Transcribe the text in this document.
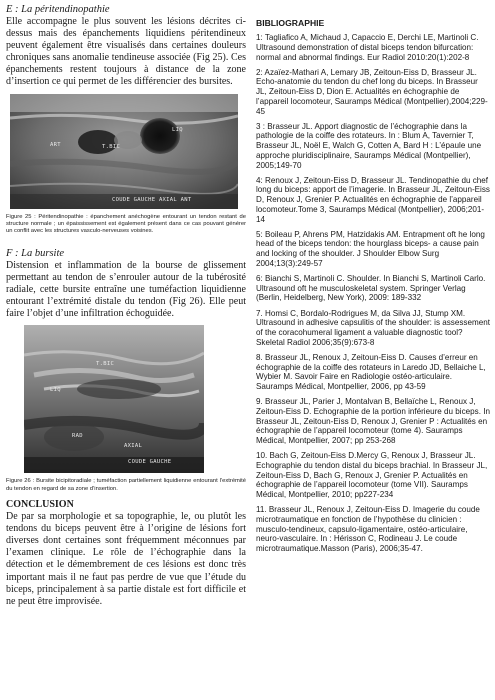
E : La péritendinopathie

Elle accompagne le plus souvent les lésions décrites ci-dessus mais des épanchements liquidiens péritendineux peuvent également être visualisés dans certaines douleurs chroniques sans anomalie tendineuse associée (Fig 25). Ces épanchements restent toujours à distance de la zone d’insertion ce qui permet de les différencier des bursites.

ART	T.BIC
LIQ
COUDE GAUCHE AXIAL ANT

Figure 25 : Péritendinopathie : épanchement anéchogène entourant un tendon restant de structure normale ; un épaississement est également présent dans ce cas pouvant générer un conflit avec les structures vasculo-nerveuses voisines.

F : La bursite

Distension et inflammation de la bourse de glissement permettant au tendon de s’enrouler autour de la tubérosité radiale, cette bursite entraîne une tuméfaction liquidienne entourant l’extrémité distale du tendon (Fig 26). Elle peut faire l’objet d’une infiltration échoguidée.

T.BIC
LIQ
RAD
AXIAL
COUDE GAUCHE

Figure 26 : Bursite bicipitoradiale ; tuméfaction partiellement liquidienne entourant l’extrémité du tendon en regard de sa zone d’insertion.

CONCLUSION

De par sa morphologie et sa topographie, le, ou plutôt les tendons du biceps peuvent être à l’origine de lésions fort diverses dont certaines sont fréquemment méconnues par l’examen clinique. Le rôle de l’échographie dans la détection et le démembrement de ces lésions est donc très important mais il ne faut pas perdre de vue que l’étude du biceps, principalement à sa partie distale est fort difficile et ne peut être improvisée.

BIBLIOGRAPHIE

1: Tagliafico A, Michaud J, Capaccio E, Derchi LE, Martinoli C. Ultrasound demonstration of distal biceps tendon bifurcation: normal and abnormal findings. Eur Radiol 2010:20(1):202-8

2: Azaïez-Mathari A, Lemary JB, Zeitoun-Eiss D, Brasseur JL. Echo-anatomie du tendon du chef long du biceps. In Brasseur JL, Zeitoun-Eiss D, Dion E. Actualités en échographie de l’appareil locomoteur, Sauramps Médical (Montpellier),2004;229-45

3 : Brasseur JL. Apport diagnostic de l’échographie dans la pathologie de la coiffe des rotateurs. In : Blum A, Tavernier T, Brasseur JL, Noël E, Walch G, Cotten A, Bard H : L’épaule une approche pluridisciplinaire, Sauramps Médical (Montpellier), 2005;149-70

4: Renoux J, Zeitoun-Eiss D, Brasseur JL. Tendinopathie du chef long du biceps: apport de l’imagerie. In Brasseur JL, Zeitoun-Eiss D, Renoux J, Grenier P. Actualités en échographie de l’appareil locomoteur.Tome 3, Sauramps Médical (Montpellier), 2006;201-14

5: Boileau P, Ahrens PM, Hatzidakis AM. Entrapment oft he long head of the biceps tendon: the hourglass biceps- a cause pain and locking of the shoulder. J Shoulder Elbow Surg 2004;13(3):249-57

6: Bianchi S, Martinoli C. Shoulder. In Bianchi S, Martinoli Carlo. Ultrasound oft he musculoskeletal system. Springer Verlag (Berlin, Heidelberg, New York), 2009: 189-332

7. Homsi C, Bordalo-Rodrigues M, da Silva JJ, Stump XM. Ultrasound in adhesive capsulitis of the shoulder: is assessement of the coracohumeral ligament a valuable diagnostic tool? Skeletal Radiol 2006;35(9):673-8

8. Brasseur JL, Renoux J, Zeitoun-Eiss D. Causes d’erreur en échographie de la coiffe des rotateurs in Laredo JD, Bellaiche L, Wybier M. Savoir Faire en Radiologie ostéo-articulaire. Sauramps Médical, Montpellier, 2006, pp 43-59

9. Brasseur JL, Parier J, Montalvan B, Bellaïche L, Renoux J, Zeitoun-Eiss D. Echographie de la portion inférieure du biceps. In Brasseur JL, Zeitoun-Eiss D, Renoux J, Grenier P : Actualités en échographie de l’appareil locomoteur (tome 4). Sauramps Médical, Montpellier, 2007; pp 253-268

10. Bach G, Zeitoun-Eiss D.Mercy G, Renoux J, Brasseur JL. Echographie du tendon distal du biceps brachial. In Brasseur JL, Zeitoun-Eiss D, Bach G, Renoux J, Grenier P. Actualités en échographie de l’appareil locomoteur (tome VII). Sauramps Médical, Montpellier, 2010; pp227-234

11. Brasseur JL, Renoux J, Zeitoun-Eiss D. Imagerie du coude microtraumatique en fonction de l’hypothèse du clinicien : musculo-tendineux, capsulo-ligamentaire, ostéo-articulaire, neuro-vasculaire. In : Hérisson C, Rodineau J. Le coude microtraumatique.Masson (Paris), 2006;35-47.
